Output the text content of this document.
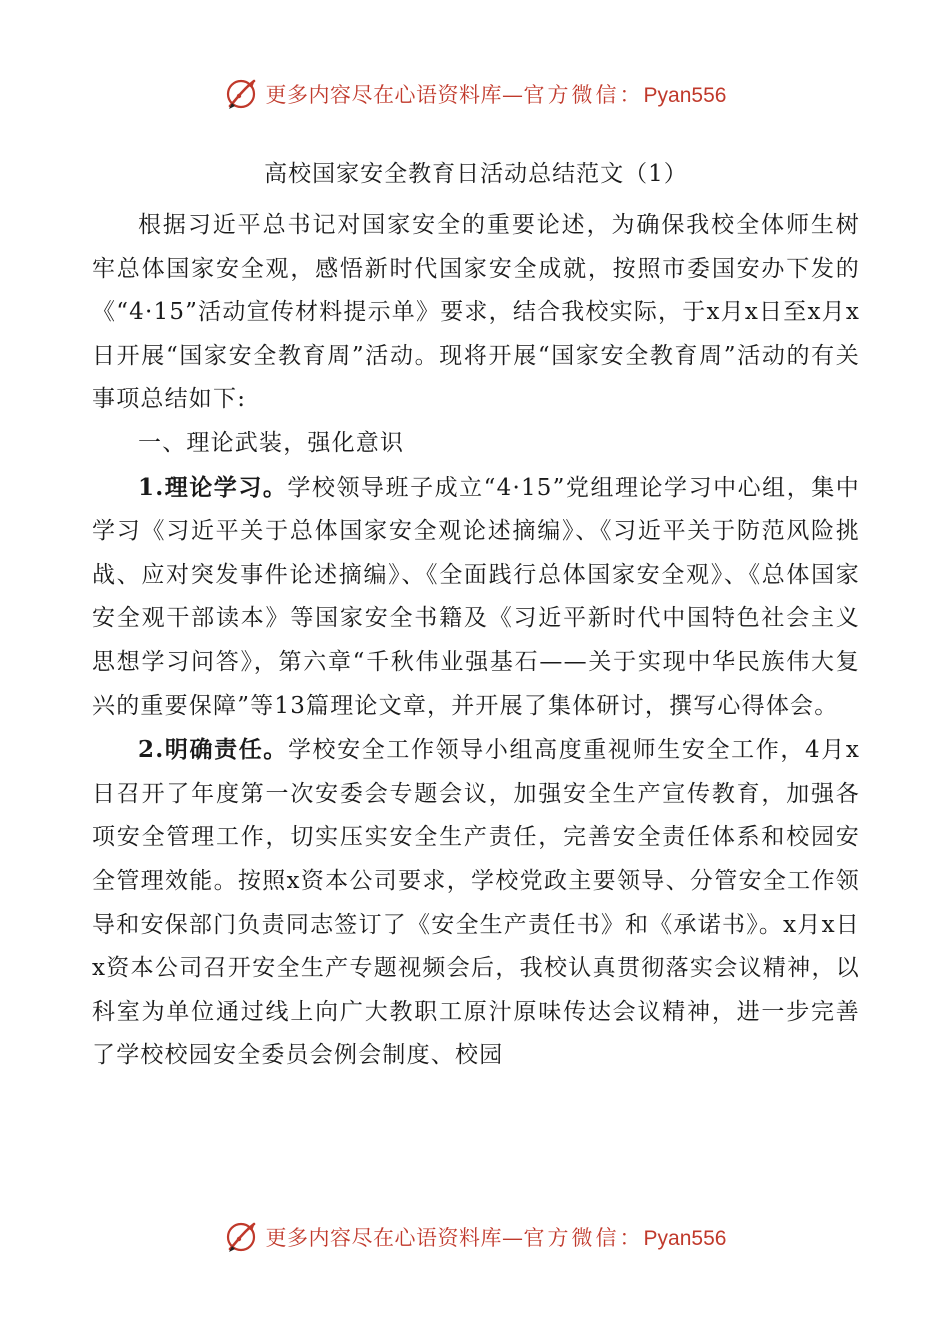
更多内容尽在心语资料库—官方微信：Pyan556
高校国家安全教育日活动总结范文（1）

根据习近平总书记对国家安全的重要论述，为确保我校全体师生树牢总体国家安全观，感悟新时代国家安全成就，按照市委国安办下发的《“4·15”活动宣传材料提示单》要求，结合我校实际，于x月x日至x月x日开展“国家安全教育周”活动。现将开展“国家安全教育周”活动的有关事项总结如下:

一、理论武装，强化意识

1.理论学习。学校领导班子成立“4·15”党组理论学习中心组，集中学习《习近平关于总体国家安全观论述摘编》、《习近平关于防范风险挑战、应对突发事件论述摘编》、《全面践行总体国家安全观》、《总体国家安全观干部读本》等国家安全书籍及《习近平新时代中国特色社会主义思想学习问答》，第六章“千秋伟业强基石——关于实现中华民族伟大复兴的重要保障”等13篇理论文章，并开展了集体研讨，撰写心得体会。

2.明确责任。学校安全工作领导小组高度重视师生安全工作，4月x日召开了年度第一次安委会专题会议，加强安全生产宣传教育，加强各项安全管理工作，切实压实安全生产责任，完善安全责任体系和校园安全管理效能。按照x资本公司要求，学校党政主要领导、分管安全工作领导和安保部门负责同志签订了《安全生产责任书》和《承诺书》。x月x日x资本公司召开安全生产专题视频会后，我校认真贯彻落实会议精神，以科室为单位通过线上向广大教职工原汁原味传达会议精神，进一步完善了学校校园安全委员会例会制度、校园

更多内容尽在心语资料库—官方微信：Pyan556
